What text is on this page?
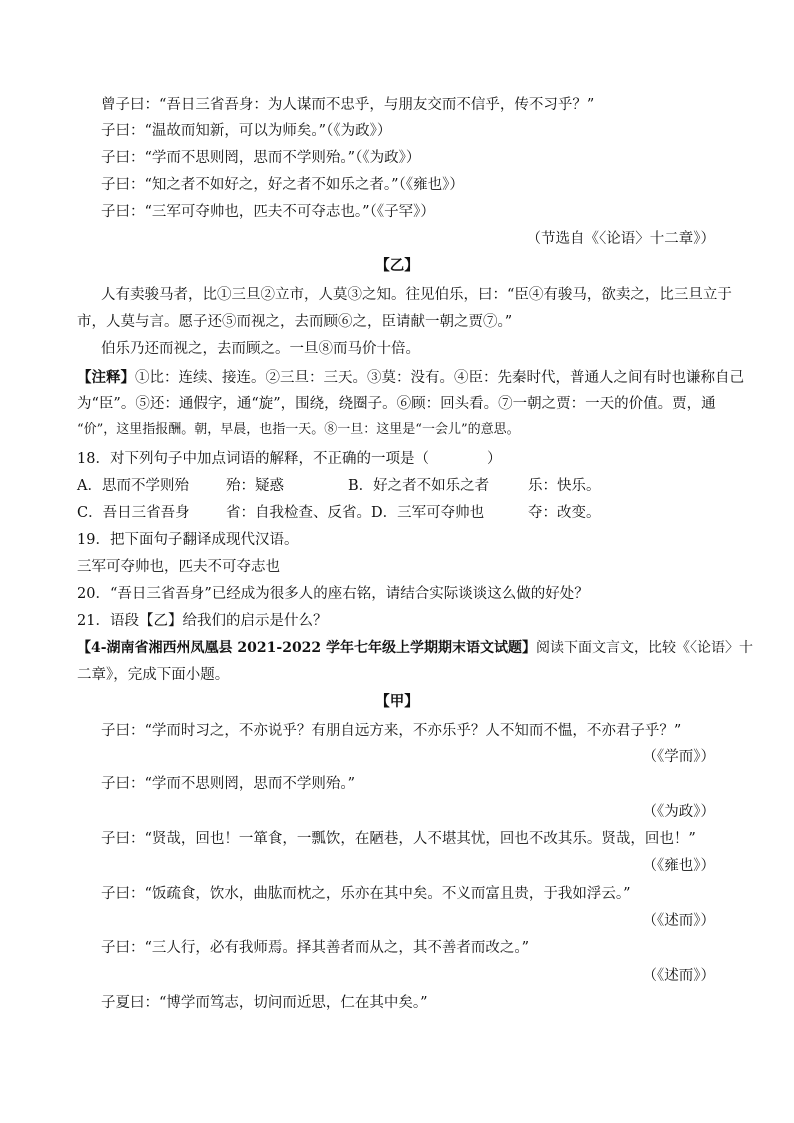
曾子曰：“吾日三省吾身：为人谋而不忠乎，与朋友交而不信乎，传不习乎？”
子曰：“温故而知新，可以为师矣。”（《为政》）
子曰：“学而不思则罔，思而不学则殆。”（《为政》）
子曰：“知之者不如好之，好之者不如乐之者。”（《雍也》）
子曰：“三军可夺帅也，匹夫不可夺志也。”（《子罕》）
（节选自《〈论语〉十二章》）
【乙】
人有卖骏马者，比①三旦②立市，人莫③之知。往见伯乐，曰：“臣④有骏马，欲卖之，比三旦立于
市，人莫与言。愿子还⑤而视之，去而顾⑥之，臣请献一朝之贾⑦。”
伯乐乃还而视之，去而顾之。一旦⑧而马价十倍。
【注释】①比：连续、接连。②三旦：三天。③莫：没有。④臣：先秦时代，普通人之间有时也谦称自己
为“臣”。⑤还：通假字，通“旋”，围绕，绕圈子。⑥顾：回头看。⑦一朝之贾：一天的价值。贾，通
“价”，这里指报酬。朝，早晨，也指一天。⑧一旦：这里是“一会儿”的意思。
18．对下列句子中加点词语的解释，不正确的一项是（	）
A．思而不学则殆	殆：疑惑	B．好之者不如乐之者	乐：快乐。
C．吾日三省吾身	省：自我检查、反省。 D．三军可夺帅也	夺：改变。
19．把下面句子翻译成现代汉语。
三军可夺帅也，匹夫不可夺志也
20．“吾日三省吾身”已经成为很多人的座右铭，请结合实际谈谈这么做的好处？
21．语段【乙】给我们的启示是什么？
【4-湖南省湘西州凤凰县 2021-2022 学年七年级上学期期末语文试题】阅读下面文言文，比较《〈论语〉十
二章》，完成下面小题。
【甲】
子曰：“学而时习之，不亦说乎？有朋自远方来，不亦乐乎？人不知而不愠，不亦君子乎？”
（《学而》）
子曰：“学而不思则罔，思而不学则殆。”
（《为政》）
子曰：“贤哉，回也！一箪食，一瓢饮，在陋巷，人不堪其忧，回也不改其乐。贤哉，回也！”
（《雍也》）
子曰：“饭疏食，饮水，曲肱而枕之，乐亦在其中矣。不义而富且贵，于我如浮云。”
（《述而》）
子曰：“三人行，必有我师焉。择其善者而从之，其不善者而改之。”
（《述而》）
子夏曰：“博学而笃志，切问而近思，仁在其中矣。”
